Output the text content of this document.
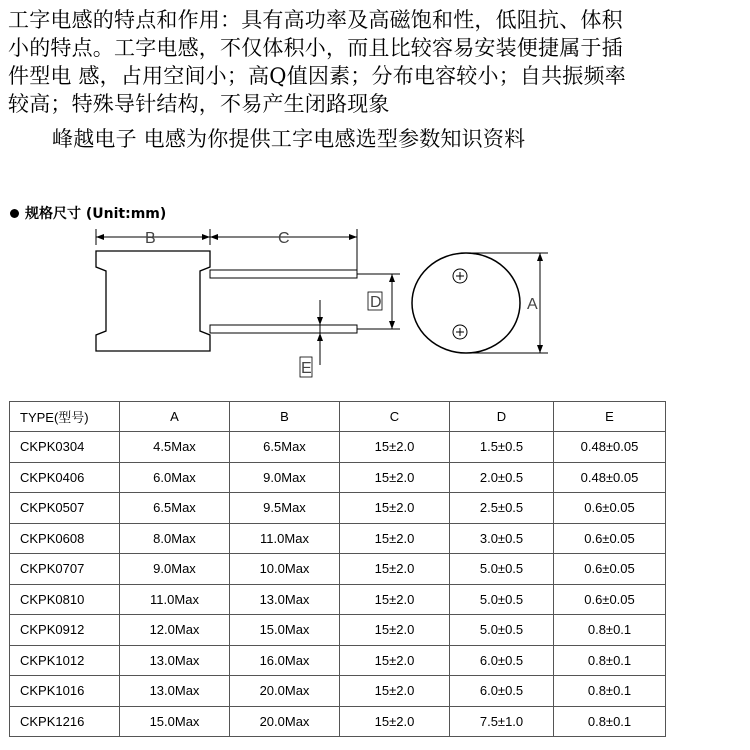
工字电感的特点和作用：具有高功率及高磁饱和性，低阻抗、体积

小的特点。工字电感，不仅体积小，而且比较容易安装便捷属于插

件型电 感，占用空间小；高Q值因素；分布电容较小；自共振频率

较高；特殊导针结构，不易产生闭路现象

峰越电子 电感为你提供工字电感选型参数知识资料
规格尺寸 (Unit:mm)
B	C
D
E
A
TYPE(型号)	A	B	C	D	E
CKPK0304	4.5Max	6.5Max	15±2.0	1.5±0.5	0.48±0.05
CKPK0406	6.0Max	9.0Max	15±2.0	2.0±0.5	0.48±0.05
CKPK0507	6.5Max	9.5Max	15±2.0	2.5±0.5	0.6±0.05
CKPK0608	8.0Max	11.0Max	15±2.0	3.0±0.5	0.6±0.05
CKPK0707	9.0Max	10.0Max	15±2.0	5.0±0.5	0.6±0.05
CKPK0810	11.0Max	13.0Max	15±2.0	5.0±0.5	0.6±0.05
CKPK0912	12.0Max	15.0Max	15±2.0	5.0±0.5	0.8±0.1
CKPK1012	13.0Max	16.0Max	15±2.0	6.0±0.5	0.8±0.1
CKPK1016	13.0Max	20.0Max	15±2.0	6.0±0.5	0.8±0.1
CKPK1216	15.0Max	20.0Max	15±2.0	7.5±1.0	0.8±0.1
